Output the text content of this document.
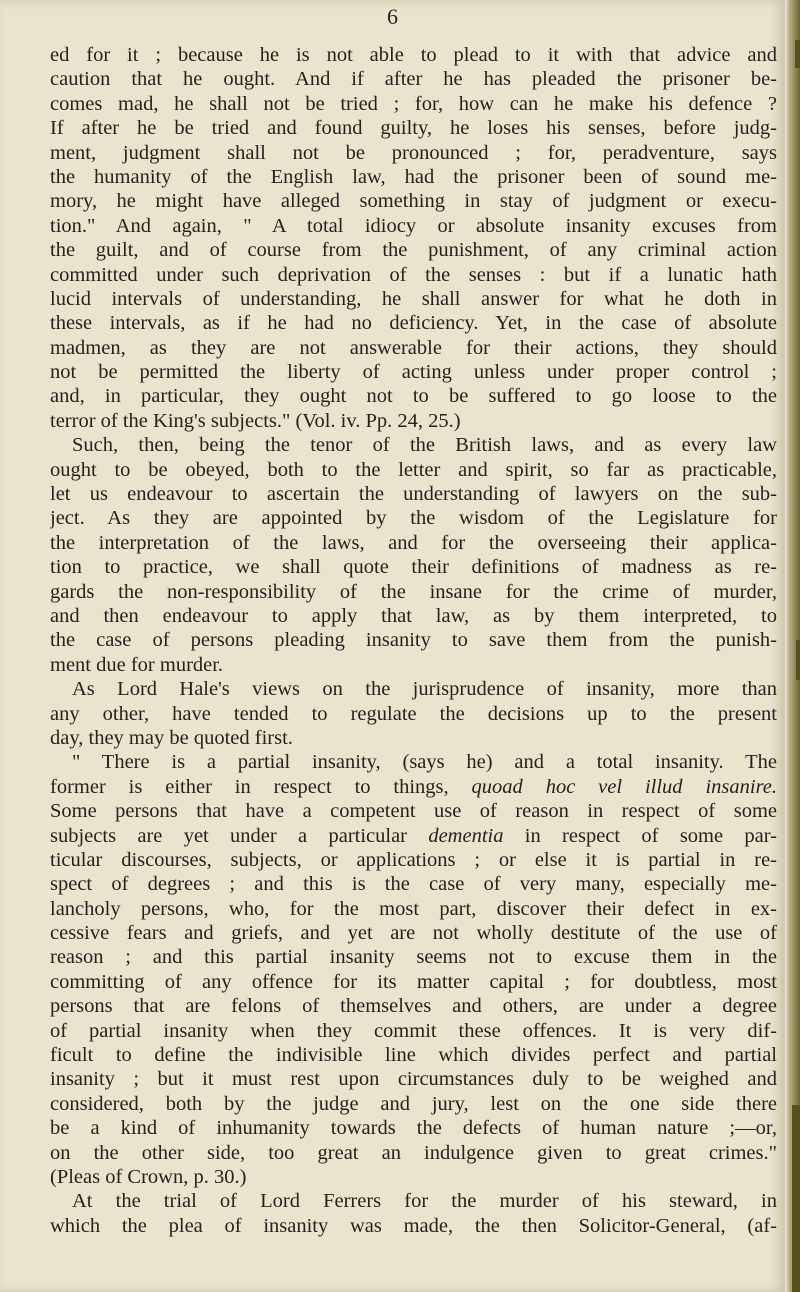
6
ed for it ; because he is not able to plead to it with that advice and
caution that he ought. And if after he has pleaded the prisoner be-
comes mad, he shall not be tried ; for, how can he make his defence ?
If after he be tried and found guilty, he loses his senses, before judg-
ment, judgment shall not be pronounced ; for, peradventure, says
the humanity of the English law, had the prisoner been of sound me-
mory, he might have alleged something in stay of judgment or execu-
tion." And again, " A total idiocy or absolute insanity excuses from
the guilt, and of course from the punishment, of any criminal action
committed under such deprivation of the senses : but if a lunatic hath
lucid intervals of understanding, he shall answer for what he doth in
these intervals, as if he had no deficiency. Yet, in the case of absolute
madmen, as they are not answerable for their actions, they should
not be permitted the liberty of acting unless under proper control ;
and, in particular, they ought not to be suffered to go loose to the
terror of the King's subjects." (Vol. iv. Pp. 24, 25.)
Such, then, being the tenor of the British laws, and as every law
ought to be obeyed, both to the letter and spirit, so far as practicable,
let us endeavour to ascertain the understanding of lawyers on the sub-
ject. As they are appointed by the wisdom of the Legislature for
the interpretation of the laws, and for the overseeing their applica-
tion to practice, we shall quote their definitions of madness as re-
gards the non-responsibility of the insane for the crime of murder,
and then endeavour to apply that law, as by them interpreted, to
the case of persons pleading insanity to save them from the punish-
ment due for murder.
As Lord Hale's views on the jurisprudence of insanity, more than
any other, have tended to regulate the decisions up to the present
day, they may be quoted first.
" There is a partial insanity, (says he) and a total insanity. The
former is either in respect to things, quoad hoc vel illud insanire.
Some persons that have a competent use of reason in respect of some
subjects are yet under a particular dementia in respect of some par-
ticular discourses, subjects, or applications ; or else it is partial in re-
spect of degrees ; and this is the case of very many, especially me-
lancholy persons, who, for the most part, discover their defect in ex-
cessive fears and griefs, and yet are not wholly destitute of the use of
reason ; and this partial insanity seems not to excuse them in the
committing of any offence for its matter capital ; for doubtless, most
persons that are felons of themselves and others, are under a degree
of partial insanity when they commit these offences. It is very dif-
ficult to define the indivisible line which divides perfect and partial
insanity ; but it must rest upon circumstances duly to be weighed and
considered, both by the judge and jury, lest on the one side there
be a kind of inhumanity towards the defects of human nature ;—or,
on the other side, too great an indulgence given to great crimes."
(Pleas of Crown, p. 30.)
At the trial of Lord Ferrers for the murder of his steward, in
which the plea of insanity was made, the then Solicitor-General, (af-
